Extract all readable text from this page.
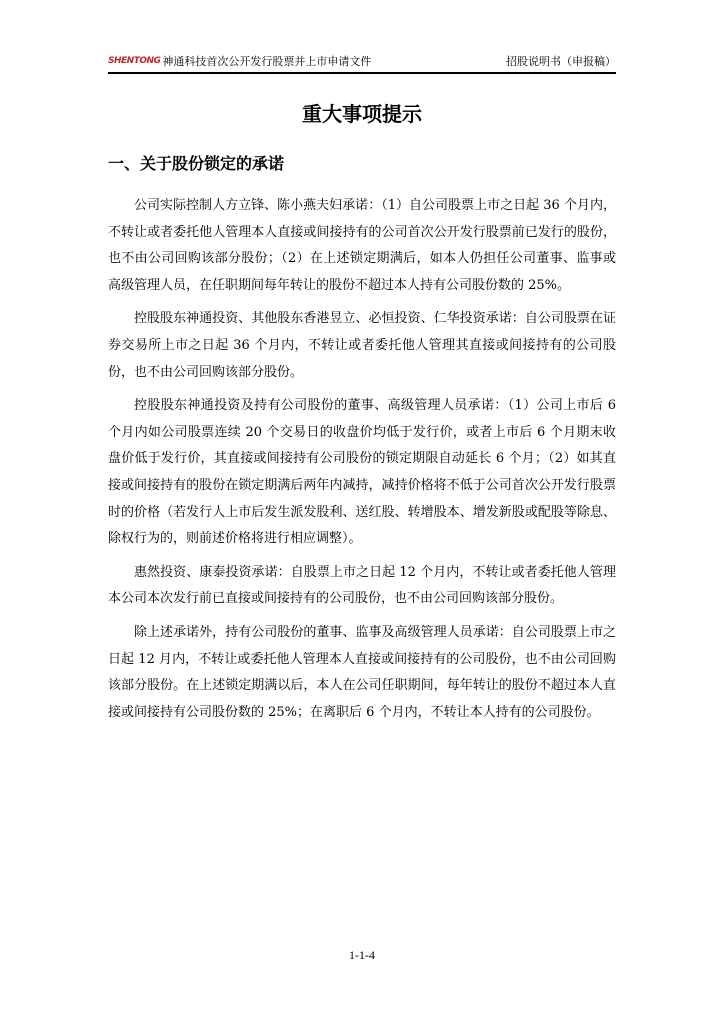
SHENTONG 神通科技首次公开发行股票并上市申请文件	招股说明书（申报稿）
重大事项提示
一、关于股份锁定的承诺

公司实际控制人方立锋、陈小燕夫妇承诺：（1）自公司股票上市之日起 36 个月内，不转让或者委托他人管理本人直接或间接持有的公司首次公开发行股票前已发行的股份，也不由公司回购该部分股份；（2）在上述锁定期满后，如本人仍担任公司董事、监事或高级管理人员，在任职期间每年转让的股份不超过本人持有公司股份数的 25%。

控股股东神通投资、其他股东香港昱立、必恒投资、仁华投资承诺：自公司股票在证券交易所上市之日起 36 个月内，不转让或者委托他人管理其直接或间接持有的公司股份，也不由公司回购该部分股份。

控股股东神通投资及持有公司股份的董事、高级管理人员承诺：（1）公司上市后 6 个月内如公司股票连续 20 个交易日的收盘价均低于发行价，或者上市后 6 个月期末收盘价低于发行价，其直接或间接持有公司股份的锁定期限自动延长 6 个月；（2）如其直接或间接持有的股份在锁定期满后两年内减持，减持价格将不低于公司首次公开发行股票时的价格（若发行人上市后发生派发股利、送红股、转增股本、增发新股或配股等除息、除权行为的，则前述价格将进行相应调整）。

惠然投资、康泰投资承诺：自股票上市之日起 12 个月内，不转让或者委托他人管理本公司本次发行前已直接或间接持有的公司股份，也不由公司回购该部分股份。

除上述承诺外，持有公司股份的董事、监事及高级管理人员承诺：自公司股票上市之日起 12 月内，不转让或委托他人管理本人直接或间接持有的公司股份，也不由公司回购该部分股份。在上述锁定期满以后，本人在公司任职期间，每年转让的股份不超过本人直接或间接持有公司股份数的 25%；在离职后 6 个月内，不转让本人持有的公司股份。

1-1-4
